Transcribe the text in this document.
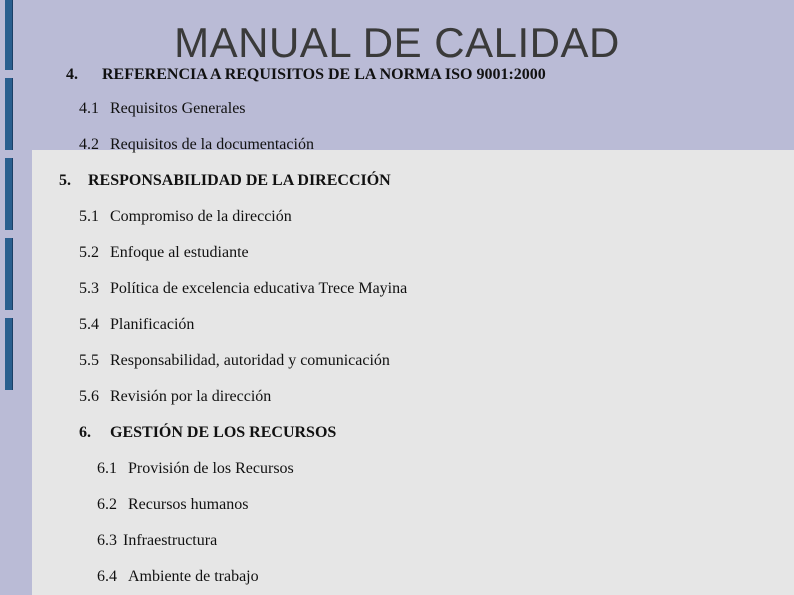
MANUAL DE CALIDAD
4. REFERENCIA A REQUISITOS DE LA NORMA ISO 9001:2000
4.1 Requisitos Generales
4.2 Requisitos de la documentación
5. RESPONSABILIDAD DE LA DIRECCIÓN
5.1 Compromiso de la dirección
5.2 Enfoque al estudiante
5.3 Política de excelencia educativa Trece Mayina
5.4 Planificación
5.5 Responsabilidad, autoridad y comunicación
5.6 Revisión por la dirección
6. GESTIÓN DE LOS RECURSOS
6.1 Provisión de los Recursos
6.2 Recursos humanos
6.3 Infraestructura
6.4 Ambiente de trabajo
